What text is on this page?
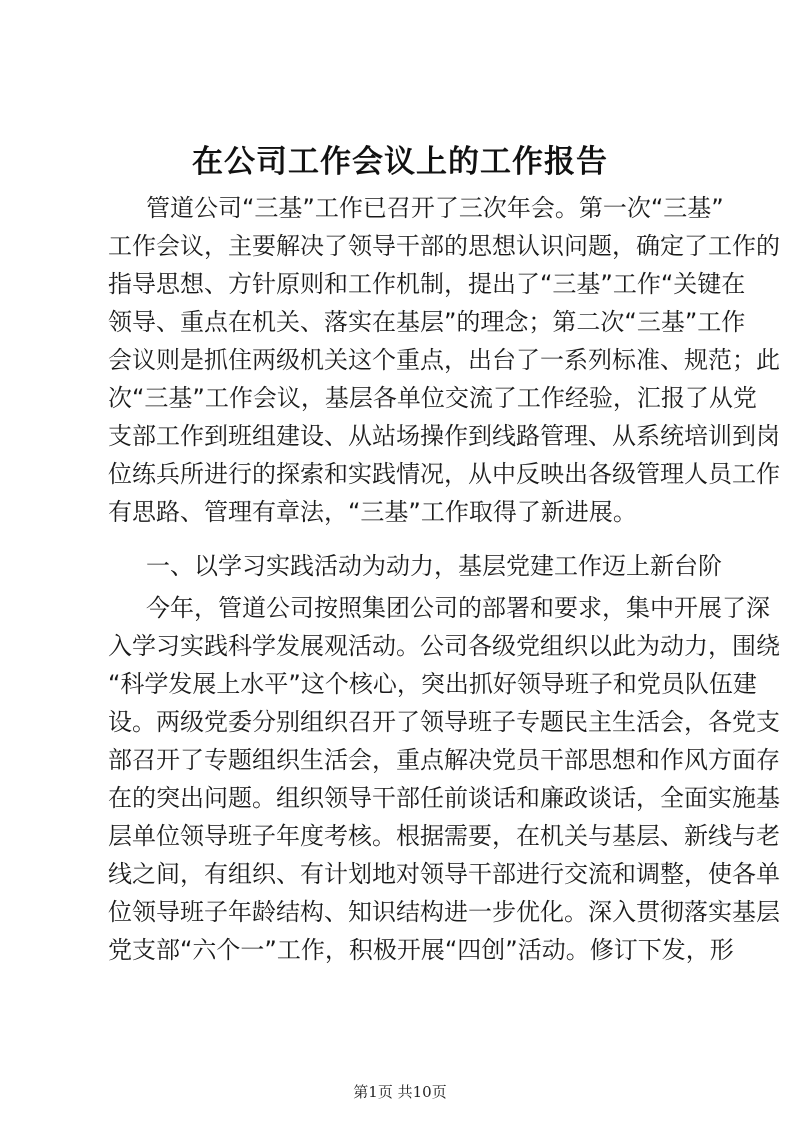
在公司工作会议上的工作报告
管道公司“三基”工作已召开了三次年会。第一次“三基”
工作会议，主要解决了领导干部的思想认识问题，确定了工作的
指导思想、方针原则和工作机制，提出了“三基”工作“关键在
领导、重点在机关、落实在基层”的理念；第二次“三基”工作
会议则是抓住两级机关这个重点，出台了一系列标准、规范；此
次“三基”工作会议，基层各单位交流了工作经验，汇报了从党
支部工作到班组建设、从站场操作到线路管理、从系统培训到岗
位练兵所进行的探索和实践情况，从中反映出各级管理人员工作
有思路、管理有章法，“三基”工作取得了新进展。
一、以学习实践活动为动力，基层党建工作迈上新台阶
今年，管道公司按照集团公司的部署和要求，集中开展了深
入学习实践科学发展观活动。公司各级党组织以此为动力，围绕
“科学发展上水平”这个核心，突出抓好领导班子和党员队伍建
设。两级党委分别组织召开了领导班子专题民主生活会，各党支
部召开了专题组织生活会，重点解决党员干部思想和作风方面存
在的突出问题。组织领导干部任前谈话和廉政谈话，全面实施基
层单位领导班子年度考核。根据需要，在机关与基层、新线与老
线之间，有组织、有计划地对领导干部进行交流和调整，使各单
位领导班子年龄结构、知识结构进一步优化。深入贯彻落实基层
党支部“六个一”工作，积极开展“四创”活动。修订下发，形
第1页 共10页
